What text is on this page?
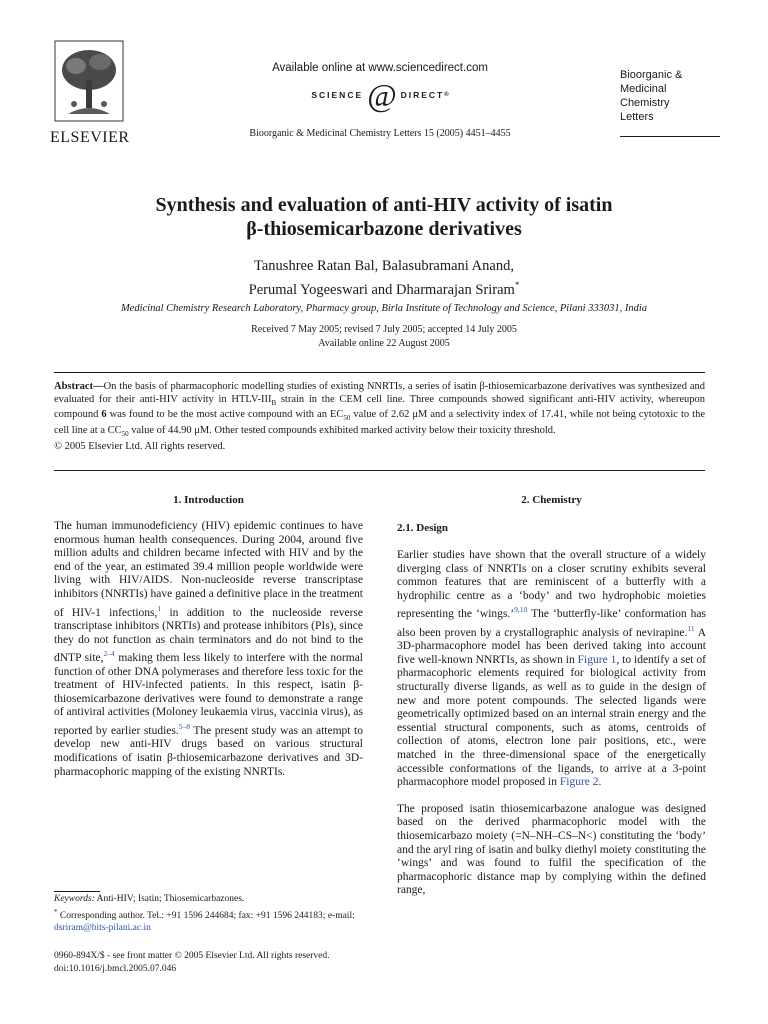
ELSEVIER
Available online at www.sciencedirect.com
SCIENCE @ DIRECT ®
Bioorganic & Medicinal Chemistry Letters 15 (2005) 4451–4455
Bioorganic &
Medicinal
Chemistry
Letters
Synthesis and evaluation of anti-HIV activity of isatin
β-thiosemicarbazone derivatives
Tanushree Ratan Bal, Balasubramani Anand,
Perumal Yogeeswari and Dharmarajan Sriram*
Medicinal Chemistry Research Laboratory, Pharmacy group, Birla Institute of Technology and Science, Pilani 333031, India
Received 7 May 2005; revised 7 July 2005; accepted 14 July 2005
Available online 22 August 2005
Abstract—On the basis of pharmacophoric modelling studies of existing NNRTIs, a series of isatin β-thiosemicarbazone derivatives was synthesized and evaluated for their anti-HIV activity in HTLV-$III_B$ strain in the CEM cell line. Three compounds showed significant anti-HIV activity, whereupon compound 6 was found to be the most active compound with an $EC_{50}$ value of 2.62 μM and a selectivity index of 17.41, while not being cytotoxic to the cell line at a $CC_{50}$ value of 44.90 μM. Other tested compounds exhibited marked activity below their toxicity threshold.
© 2005 Elsevier Ltd. All rights reserved.
1. Introduction

The human immunodeficiency (HIV) epidemic continues to have enormous human health consequences. During 2004, around five million adults and children became infected with HIV and by the end of the year, an estimated 39.4 million people worldwide were living with HIV/AIDS. Non-nucleoside reverse transcriptase inhibitors (NNRTIs) have gained a definitive place in the treatment of HIV-1 infections,$^1$ in addition to the nucleoside reverse transcriptase inhibitors (NRTIs) and protease inhibitors (PIs), since they do not function as chain terminators and do not bind to the dNTP site,$^{2-4}$ making them less likely to interfere with the normal function of other DNA polymerases and therefore less toxic for the treatment of HIV-infected patients. In this respect, isatin β-thiosemicarbazone derivatives were found to demonstrate a range of antiviral activities (Moloney leukaemia virus, vaccinia virus), as reported by earlier studies.$^{5-8}$ The present study was an attempt to develop new anti-HIV drugs based on various structural modifications of isatin β-thiosemicarbazone derivatives and 3D-pharmacophoric mapping of the existing NNRTIs.

Keywords: Anti-HIV; Isatin; Thiosemicarbazones.
* Corresponding author. Tel.: +91 1596 244684; fax: +91 1596 244183; e-mail: dsriram@bits-pilani.ac.in
0960-894X/$ - see front matter © 2005 Elsevier Ltd. All rights reserved.
doi:10.1016/j.bmcl.2005.07.046
2. Chemistry
2.1. Design

Earlier studies have shown that the overall structure of a widely diverging class of NNRTIs on a closer scrutiny exhibits several common features that are reminiscent of a butterfly with a hydrophilic centre as a ‘body’ and two hydrophobic moieties representing the ‘wings.’$^{9,10}$ The ‘butterfly-like’ conformation has also been proven by a crystallographic analysis of nevirapine.$^{11}$ A 3D-pharmacophore model has been derived taking into account five well-known NNRTIs, as shown in Figure 1, to identify a set of pharmacophoric elements required for biological activity from structurally diverse ligands, as well as to guide in the design of new and more potent compounds. The selected ligands were geometrically optimized based on an internal strain energy and the essential structural components, such as atoms, centroids of collection of atoms, electron lone pair positions, etc., were matched in the three-dimensional space of the energetically accessible conformations of the ligands, to arrive at a 3-point pharmacophore model proposed in Figure 2.

The proposed isatin thiosemicarbazone analogue was designed based on the derived pharmacophoric model with the thiosemicarbazo moiety (=N–NH–CS–N<) constituting the ‘body’ and the aryl ring of isatin and bulky diethyl moiety constituting the ‘wings’ and was found to fulfil the specification of the pharmacophoric distance map by complying within the defined range,
